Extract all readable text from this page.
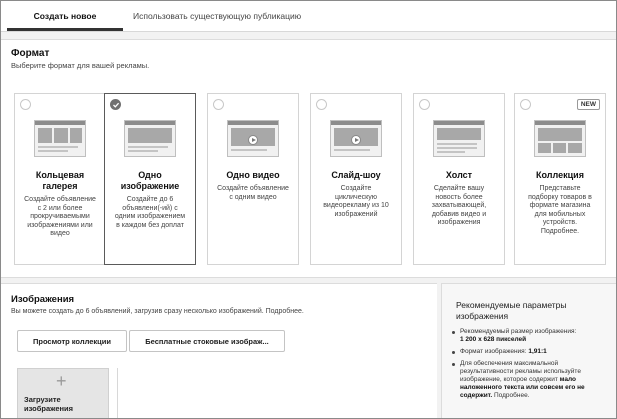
Создать новое	Использовать существующую публикацию
Формат
Выберите формат для вашей рекламы.
Кольцевая галерея
Создайте объявление с 2 или более прокручиваемыми изображениями или видео
Одно изображение
Создайте до 6 объявлени(-ий) с одним изображением в каждом без доплат
Одно видео
Создайте объявление с одним видео
Слайд-шоу
Создайте циклическую видеорекламу из 10 изображений
Холст
Сделайте вашу новость более захватывающей, добавив видео и изображения
NEW
Коллекция
Представьте подборку товаров в формате магазина для мобильных устройств. Подробнее.
Изображения
Вы можете создать до 6 объявлений, загрузив сразу несколько изображений. Подробнее.
Просмотр коллекции	Бесплатные стоковые изображ...
+
Загрузите изображения
Рекомендуемые параметры изображения
Рекомендуемый размер изображения:
1 200 x 628 пикселей
Формат изображения: 1,91:1
Для обеспечения максимальной результативности рекламы используйте изображение, которое содержит мало наложенного текста или совсем его не содержит. Подробнее.
